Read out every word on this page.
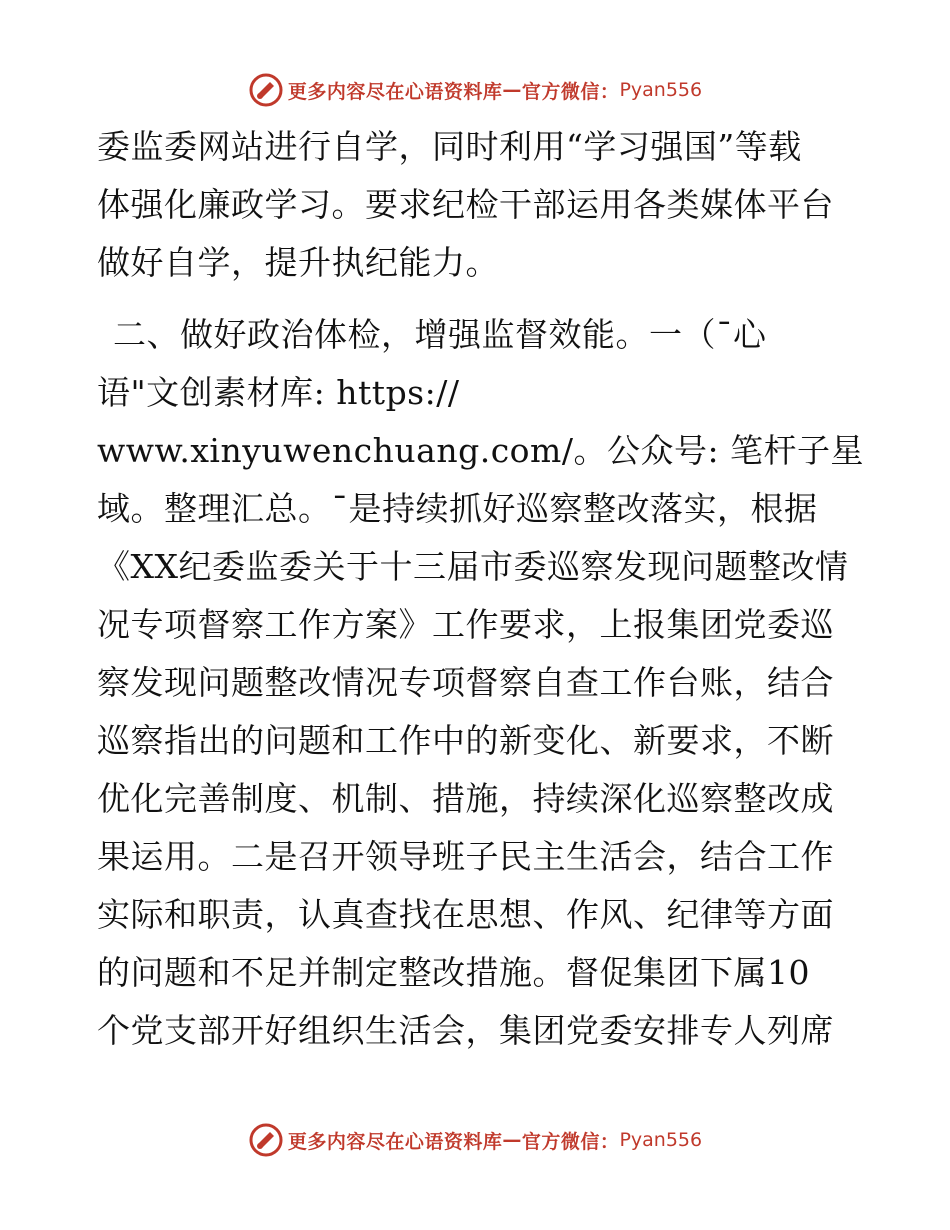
更多内容尽在心语资料库 — 官方微信： Pyan556
委监委网站进行自学，同时利用“学习强国”等载
体强化廉政学习。要求纪检干部运用各类媒体平台
做好自学，提升执纪能力。
二、做好政治体检，增强监督效能。一（¯心
语"文创素材库: https://
www.xinyuwenchuang.com/。公众号: 笔杆子星
域。整理汇总。¯是持续抓好巡察整改落实，根据
《XX纪委监委关于十三届市委巡察发现问题整改情
况专项督察工作方案》工作要求，上报集团党委巡
察发现问题整改情况专项督察自查工作台账，结合
巡察指出的问题和工作中的新变化、新要求，不断
优化完善制度、机制、措施，持续深化巡察整改成
果运用。二是召开领导班子民主生活会，结合工作
实际和职责，认真查找在思想、作风、纪律等方面
的问题和不足并制定整改措施。督促集团下属10
个党支部开好组织生活会，集团党委安排专人列席
更多内容尽在心语资料库 — 官方微信： Pyan556
